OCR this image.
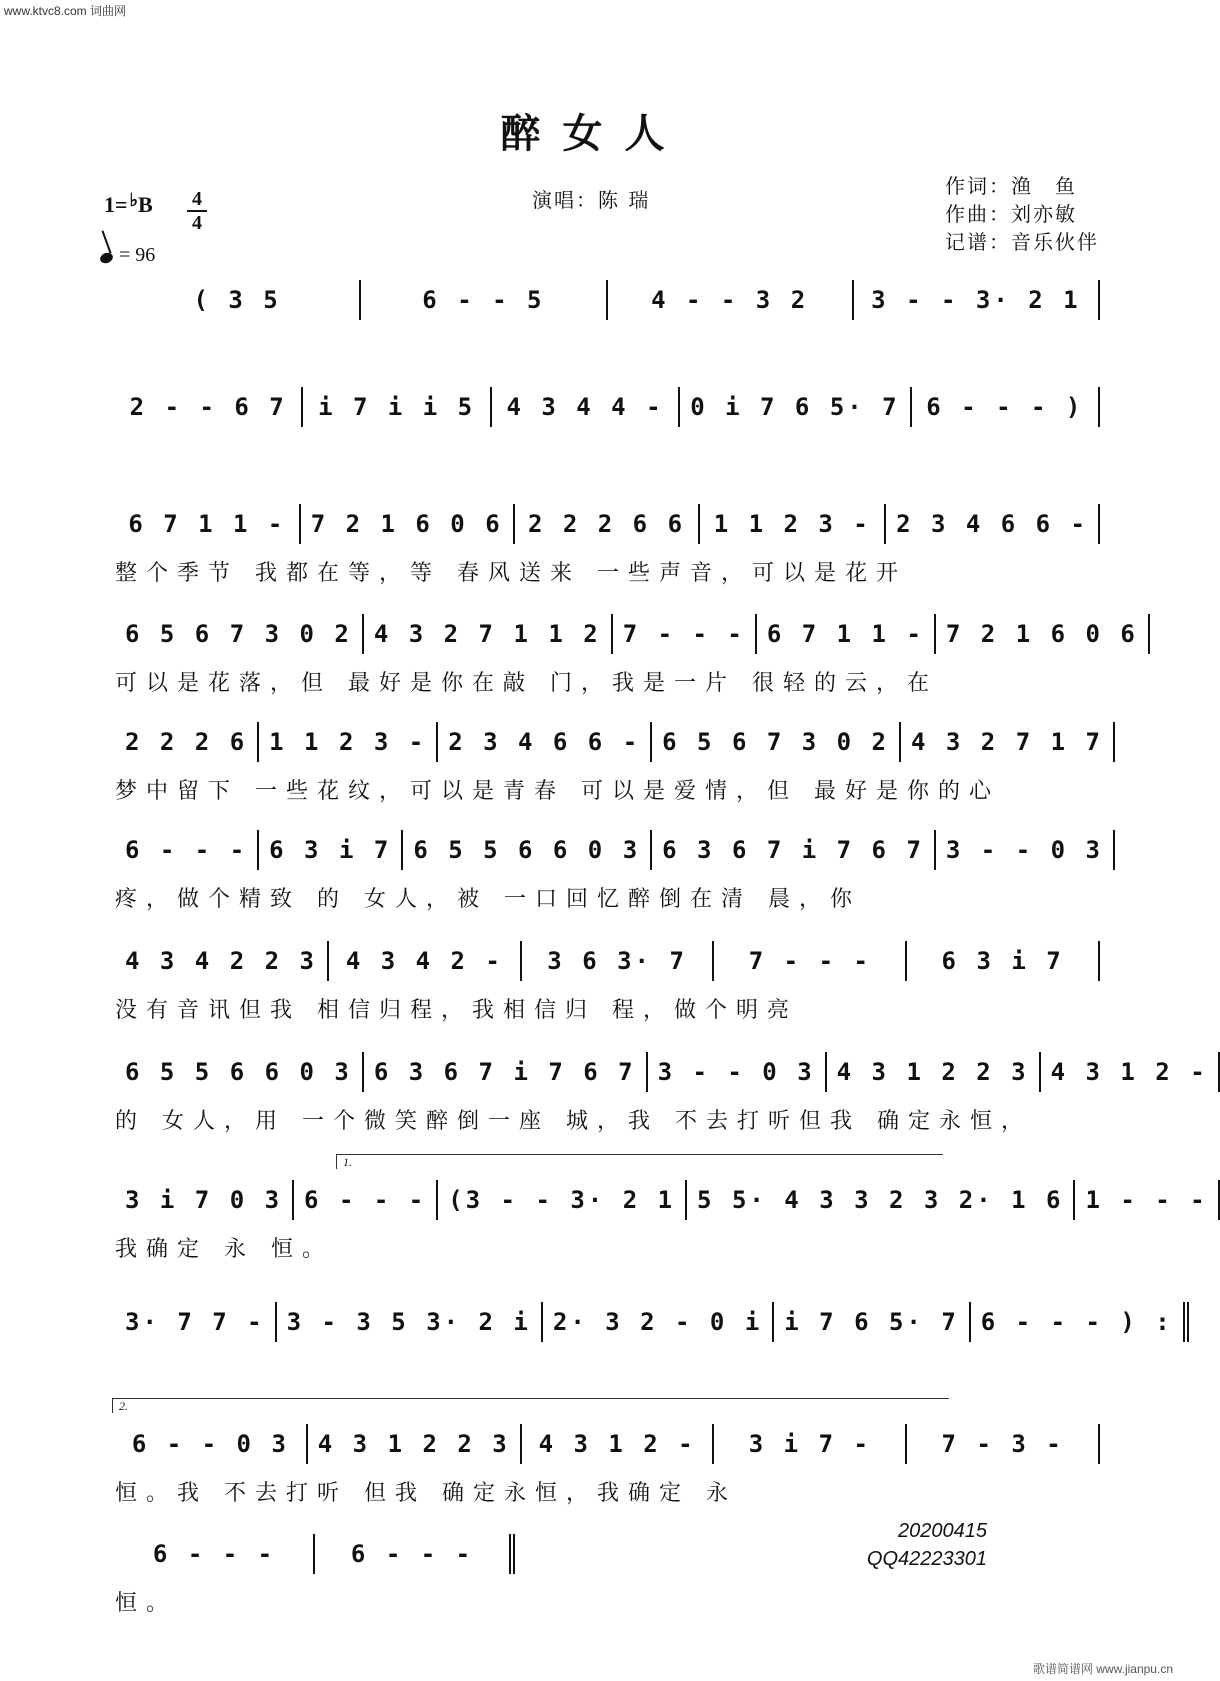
www.ktvc8.com 词曲网
醉女人
1= ♭B	4
4
= 96
演唱：陈 瑞
作词：渔　鱼
作曲：刘亦敏
记谱：音乐伙伴
( 3 5	6 - - 5	4 - - 3 2	3 - - 3· 2 1
2 - - 6 7	i 7 i i 5	4 3 4 4 -	0 i 7 6 5· 7	6 - - - )
6 7 1 1 -	7 2 1 6 0 6	2 2 2 6 6	1 1 2 3 -	2 3 4 6 6 -
整个季节 我都在等，等 春风送来 一些声音，可以是花开
6 5 6 7 3 0 2 4 3 2 7 1 1 2 7 - - - 6 7 1 1 - 7 2 1 6 0 6
可以是花落，但 最好是你在敲 门，我是一片 很轻的云，在
2 2 2 6 1 1 2 3 - 2 3 4 6 6 - 6 5 6 7 3 0 2 4 3 2 7 1 7
梦中留下 一些花纹，可以是青春 可以是爱情，但 最好是你的心
6 - - - 6 3 i 7 6 5 5 6 6 0 3 6 3 6 7 i 7 6 7 3 - - 0 3
疼，做个精致 的 女人，被 一口回忆醉倒在清 晨，你
4 3 4 2 2 3	4 3 4 2 -	3 6 3· 7	7 - - -	6 3 i 7
没有音讯但我 相信归程，我相信归 程，做个明亮
6 5 5 6 6 0 3 6 3 6 7 i 7 6 7 3 - - 0 3 4 3 1 2 2 3 4 3 1 2 -
的 女人，用 一个微笑醉倒一座 城，我 不去打听但我 确定永恒，
1.
3 i 7 0 3 6 - - - (3 - - 3· 2 1 5 5· 4 3 3 2 3 2· 1 6 1 - - -
我确定 永 恒。
3· 7 7 - 3 - 3 5 3· 2 i 2· 3 2 - 0 i i 7 6 5· 7 6 - - - ) :
2.
6 - - 0 3	4 3 1 2 2 3	4 3 1 2 -	3 i 7 -	7 - 3 -
恒。我 不去打听 但我 确定永恒，我确定 永
6 - - -	6 - - -
恒。
20200415
QQ42223301
歌谱简谱网 www.jianpu.cn
